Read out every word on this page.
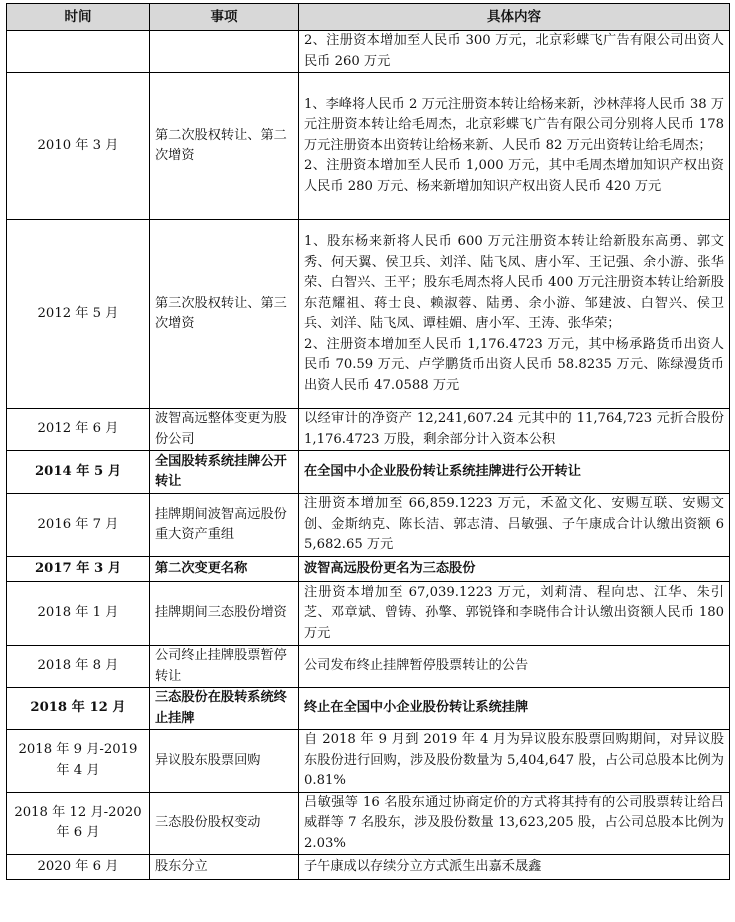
时间	事项	具体内容
		2、注册资本增加至人民币 300 万元，北京彩蝶飞广告有限公司出资人民币 260 万元
2010 年 3 月	第二次股权转让、第二次增资	1、李峰将人民币 2 万元注册资本转让给杨来新，沙林萍将人民币 38 万元注册资本转让给毛周杰，北京彩蝶飞广告有限公司分别将人民币 178 万元注册资本出资转让给杨来新、人民币 82 万元出资转让给毛周杰；
2、注册资本增加至人民币 1,000 万元，其中毛周杰增加知识产权出资人民币 280 万元、杨来新增加知识产权出资人民币 420 万元

2012 年 5 月	第三次股权转让、第三次增资	1、股东杨来新将人民币 600 万元注册资本转让给新股东高勇、郭文秀、何天翼、侯卫兵、刘洋、陆飞凤、唐小军、王记强、余小游、张华荣、白智兴、王平；股东毛周杰将人民币 400 万元注册资本转让给新股东范耀祖、蒋士良、赖淑蓉、陆勇、余小游、邹建波、白智兴、侯卫兵、刘洋、陆飞凤、谭桂媚、唐小军、王涛、张华荣；
2、注册资本增加至人民币 1,176.4723 万元，其中杨承路货币出资人民币 70.59 万元、卢学鹏货币出资人民币 58.8235 万元、陈绿漫货币出资人民币 47.0588 万元

2012 年 6 月	波智高远整体变更为股份公司	以经审计的净资产 12,241,607.24 元其中的 11,764,723 元折合股份 1,176.4723 万股，剩余部分计入资本公积
2014 年 5 月	全国股转系统挂牌公开转让	在全国中小企业股份转让系统挂牌进行公开转让
2016 年 7 月	挂牌期间波智高远股份重大资产重组	注册资本增加至 66,859.1223 万元，禾盈文化、安赐互联、安赐文创、金斯纳克、陈长洁、郭志清、吕敏强、子午康成合计认缴出资额 65,682.65 万元
2017 年 3 月	第二次变更名称	波智高远股份更名为三态股份
2018 年 1 月	挂牌期间三态股份增资	注册资本增加至 67,039.1223 万元，刘莉清、程向忠、江华、朱引芝、邓章斌、曾铸、孙擎、郭锐锋和李晓伟合计认缴出资额人民币 180 万元
2018 年 8 月	公司终止挂牌股票暂停转让	公司发布终止挂牌暂停股票转让的公告
2018 年 12 月	三态股份在股转系统终止挂牌	终止在全国中小企业股份转让系统挂牌
2018 年 9 月-2019 年 4 月	异议股东股票回购	自 2018 年 9 月到 2019 年 4 月为异议股东股票回购期间，对异议股东股份进行回购，涉及股份数量为 5,404,647 股，占公司总股本比例为 0.81%
2018 年 12 月-2020 年 6 月	三态股份股权变动	吕敏强等 16 名股东通过协商定价的方式将其持有的公司股票转让给吕威群等 7 名股东，涉及股份数量 13,623,205 股，占公司总股本比例为 2.03%
2020 年 6 月	股东分立	子午康成以存续分立方式派生出嘉禾晟鑫
